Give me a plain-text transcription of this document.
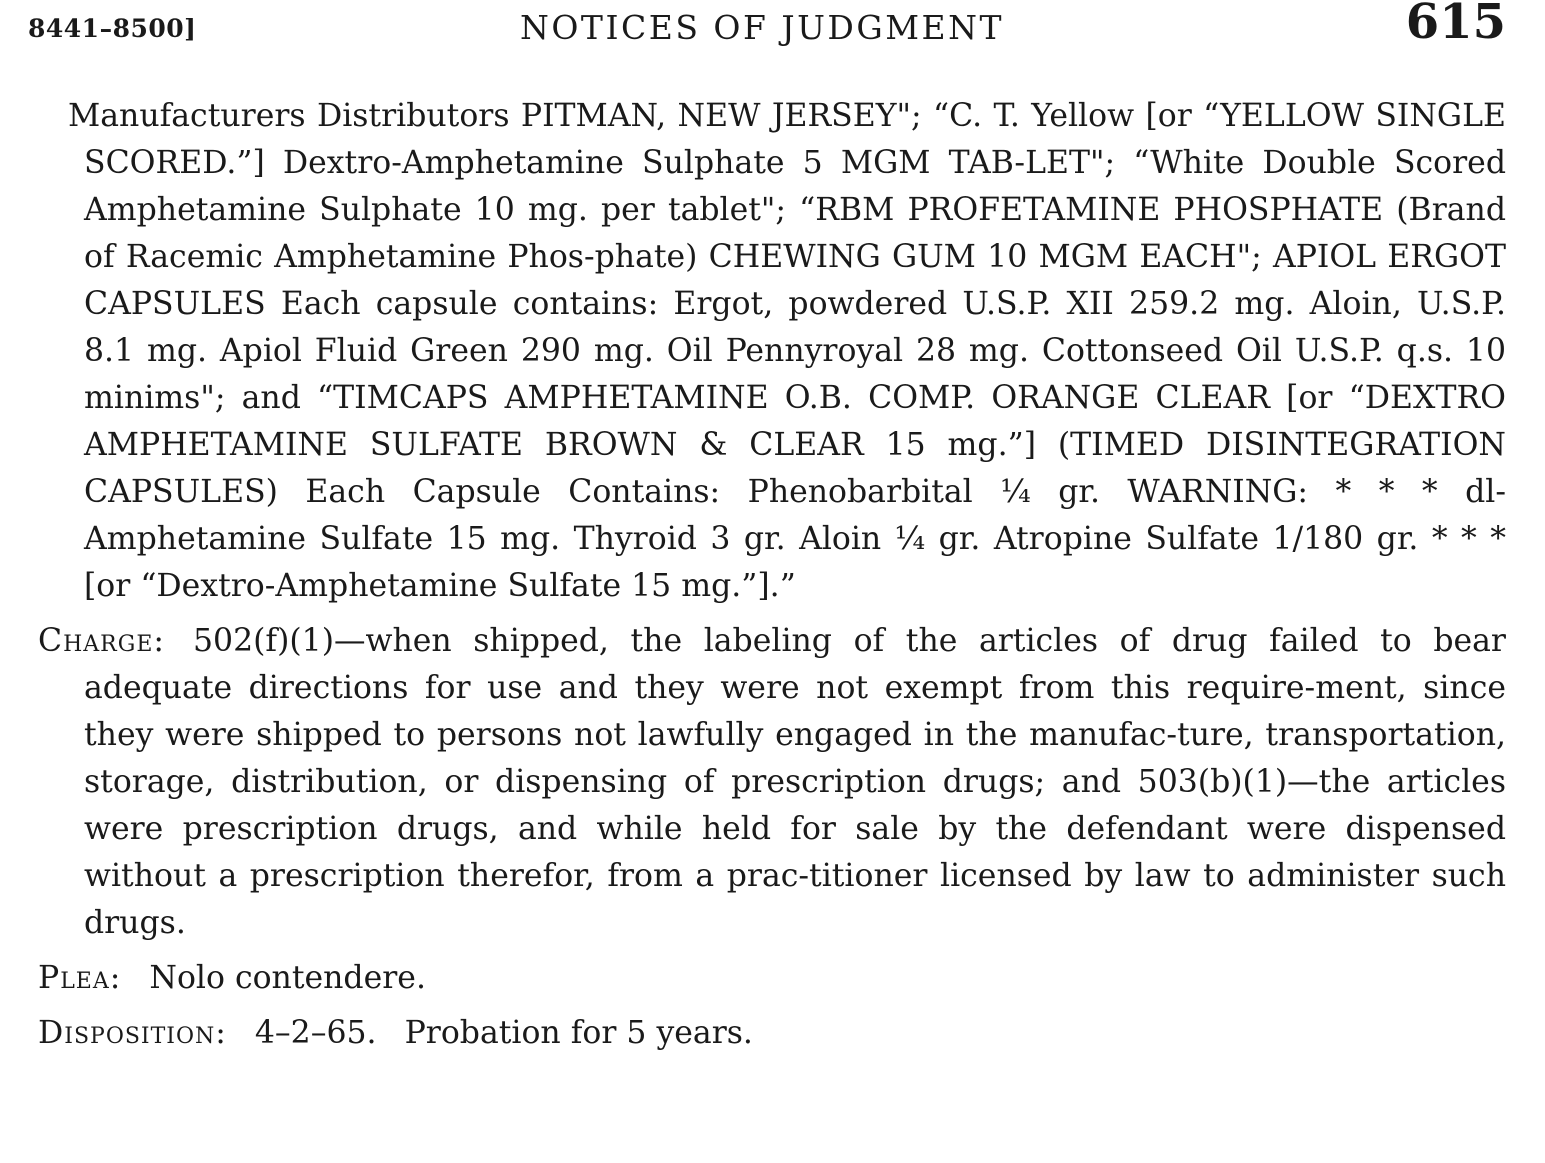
8441–8500]	NOTICES OF JUDGMENT	615

Manufacturers Distributors PITMAN, NEW JERSEY"; “C. T. Yellow [or “YELLOW SINGLE SCORED.”] Dextro-Amphetamine Sulphate 5 MGM TAB-LET"; “White Double Scored Amphetamine Sulphate 10 mg. per tablet"; “RBM PROFETAMINE PHOSPHATE (Brand of Racemic Amphetamine Phos-phate) CHEWING GUM 10 MGM EACH"; APIOL ERGOT CAPSULES Each capsule contains: Ergot, powdered U.S.P. XII 259.2 mg. Aloin, U.S.P. 8.1 mg. Apiol Fluid Green 290 mg. Oil Pennyroyal 28 mg. Cottonseed Oil U.S.P. q.s. 10 minims"; and “TIMCAPS AMPHETAMINE O.B. COMP. ORANGE CLEAR [or “DEXTRO AMPHETAMINE SULFATE BROWN & CLEAR 15 mg.”] (TIMED DISINTEGRATION CAPSULES) Each Capsule Contains: Phenobarbital ¼ gr. WARNING: * * * dl-Amphetamine Sulfate 15 mg. Thyroid 3 gr. Aloin ¼ gr. Atropine Sulfate 1/180 gr. * * * [or “Dextro-Amphetamine Sulfate 15 mg.”].”

Charge: 502(f)(1)—when shipped, the labeling of the articles of drug failed to bear adequate directions for use and they were not exempt from this require-ment, since they were shipped to persons not lawfully engaged in the manufac-ture, transportation, storage, distribution, or dispensing of prescription drugs; and 503(b)(1)—the articles were prescription drugs, and while held for sale by the defendant were dispensed without a prescription therefor, from a prac-titioner licensed by law to administer such drugs.

Plea: Nolo contendere.

Disposition: 4–2–65. Probation for 5 years.
